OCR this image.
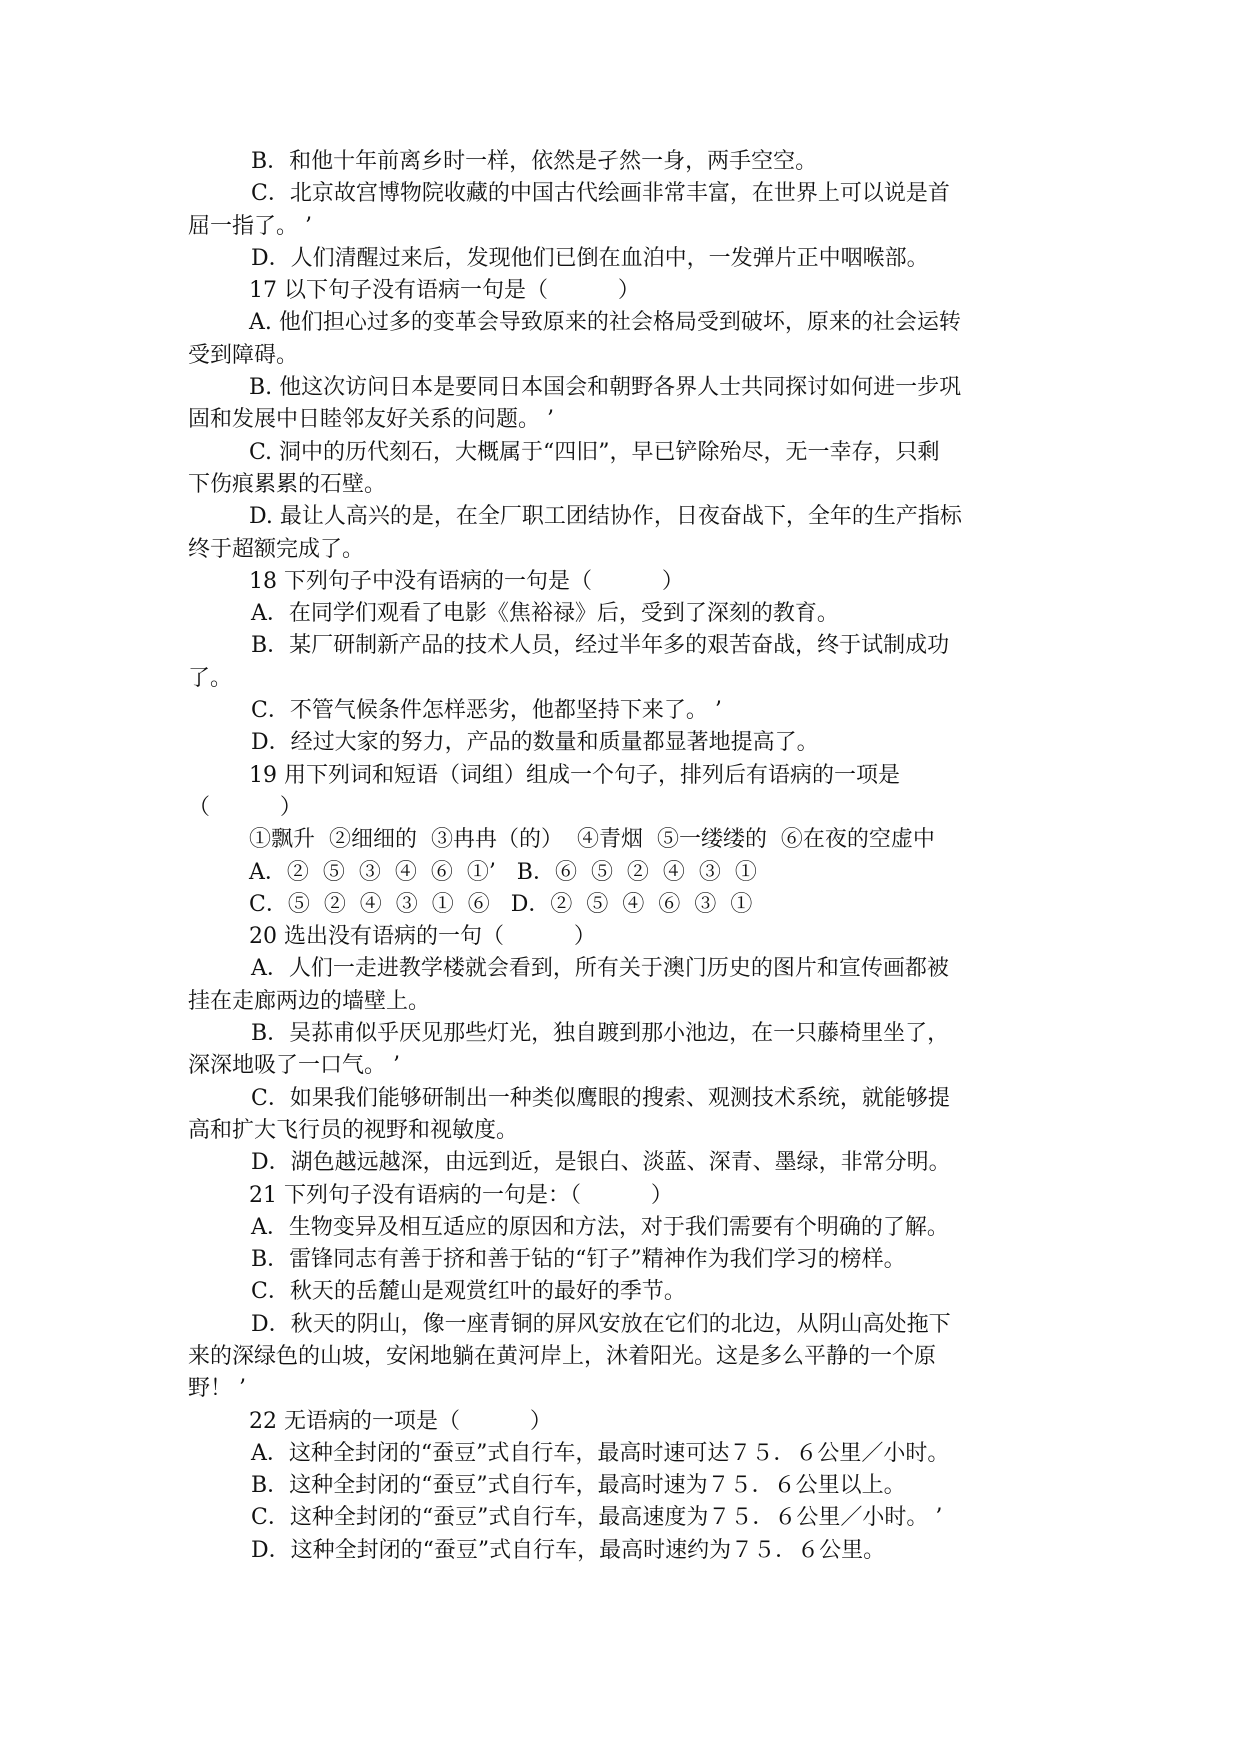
B．和他十年前离乡时一样，依然是孑然一身，两手空空。

C．北京故宫博物院收藏的中国古代绘画非常丰富，在世界上可以说是首

屈一指了。 ’

D．人们清醒过来后，发现他们已倒在血泊中，一发弹片正中咽喉部。

17 以下句子没有语病一句是（          ）

A. 他们担心过多的变革会导致原来的社会格局受到破坏，原来的社会运转

受到障碍。

B. 他这次访问日本是要同日本国会和朝野各界人士共同探讨如何进一步巩

固和发展中日睦邻友好关系的问题。 ’

C. 洞中的历代刻石，大概属于“四旧”，早已铲除殆尽，无一幸存，只剩

下伤痕累累的石壁。

D. 最让人高兴的是，在全厂职工团结协作，日夜奋战下，全年的生产指标

终于超额完成了。

18 下列句子中没有语病的一句是（          ）

A．在同学们观看了电影《焦裕禄》后，受到了深刻的教育。

B．某厂研制新产品的技术人员，经过半年多的艰苦奋战，终于试制成功

了。

C．不管气候条件怎样恶劣，他都坚持下来了。 ’

D．经过大家的努力，产品的数量和质量都显著地提高了。

19 用下列词和短语（词组）组成一个句子，排列后有语病的一项是

（          ）

①飘升  ②细细的  ③冉冉（的）  ④青烟  ⑤一缕缕的  ⑥在夜的空虚中

A．②  ⑤  ③  ④  ⑥  ①’   B．⑥  ⑤  ②  ④  ③  ①

C．⑤  ②  ④  ③  ①  ⑥   D．②  ⑤  ④  ⑥  ③  ①

20 选出没有语病的一句（          ）

A．人们一走进教学楼就会看到，所有关于澳门历史的图片和宣传画都被

挂在走廊两边的墙壁上。

B．吴荪甫似乎厌见那些灯光，独自踱到那小池边，在一只藤椅里坐了，

深深地吸了一口气。 ’

C．如果我们能够研制出一种类似鹰眼的搜索、观测技术系统，就能够提

高和扩大飞行员的视野和视敏度。

D．湖色越远越深，由远到近，是银白、淡蓝、深青、墨绿，非常分明。

21 下列句子没有语病的一句是：（          ）

A．生物变异及相互适应的原因和方法，对于我们需要有个明确的了解。

B．雷锋同志有善于挤和善于钻的“钉子”精神作为我们学习的榜样。

C．秋天的岳麓山是观赏红叶的最好的季节。

D．秋天的阴山，像一座青铜的屏风安放在它们的北边，从阴山高处拖下

来的深绿色的山坡，安闲地躺在黄河岸上，沐着阳光。这是多么平静的一个原

野！ ’

22 无语病的一项是（          ）

A．这种全封闭的“蚕豆”式自行车，最高时速可达７５．６公里／小时。

B．这种全封闭的“蚕豆”式自行车，最高时速为７５．６公里以上。

C．这种全封闭的“蚕豆”式自行车，最高速度为７５．６公里／小时。 ’

D．这种全封闭的“蚕豆”式自行车，最高时速约为７５．６公里。
